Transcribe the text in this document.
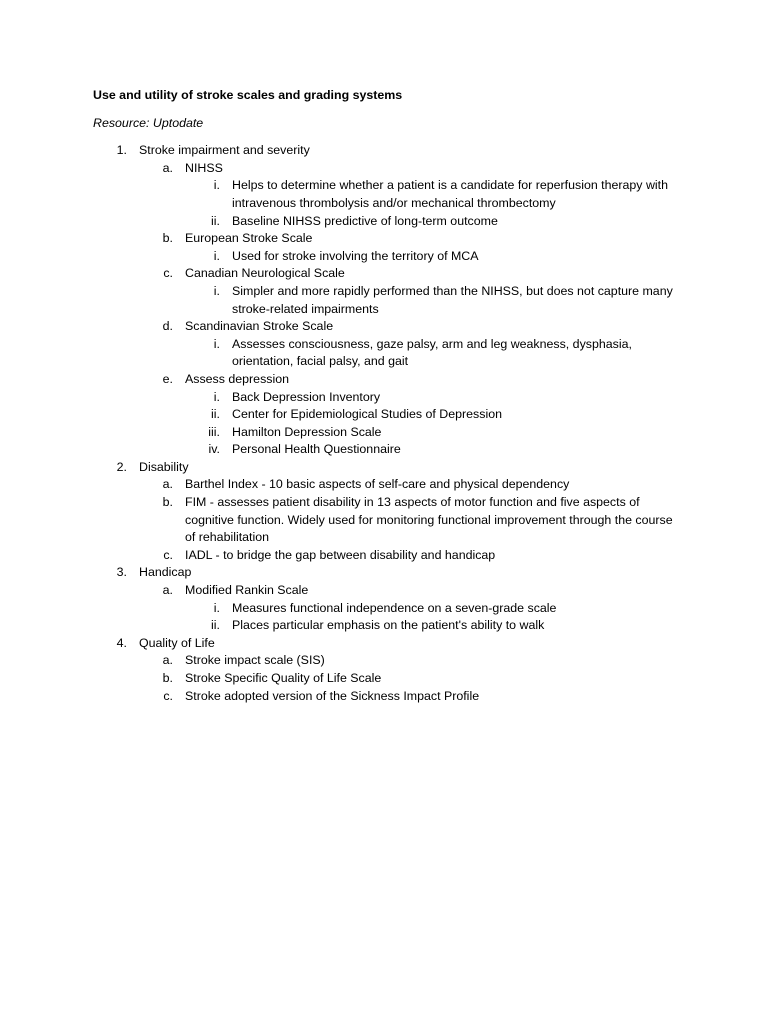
Use and utility of stroke scales and grading systems
Resource: Uptodate
1. Stroke impairment and severity
a. NIHSS
i. Helps to determine whether a patient is a candidate for reperfusion therapy with intravenous thrombolysis and/or mechanical thrombectomy
ii. Baseline NIHSS predictive of long-term outcome
b. European Stroke Scale
i. Used for stroke involving the territory of MCA
c. Canadian Neurological Scale
i. Simpler and more rapidly performed than the NIHSS, but does not capture many stroke-related impairments
d. Scandinavian Stroke Scale
i. Assesses consciousness, gaze palsy, arm and leg weakness, dysphasia, orientation, facial palsy, and gait
e. Assess depression
i. Back Depression Inventory
ii. Center for Epidemiological Studies of Depression
iii. Hamilton Depression Scale
iv. Personal Health Questionnaire
2. Disability
a. Barthel Index - 10 basic aspects of self-care and physical dependency
b. FIM - assesses patient disability in 13 aspects of motor function and five aspects of cognitive function. Widely used for monitoring functional improvement through the course of rehabilitation
c. IADL - to bridge the gap between disability and handicap
3. Handicap
a. Modified Rankin Scale
i. Measures functional independence on a seven-grade scale
ii. Places particular emphasis on the patient's ability to walk
4. Quality of Life
a. Stroke impact scale (SIS)
b. Stroke Specific Quality of Life Scale
c. Stroke adopted version of the Sickness Impact Profile
